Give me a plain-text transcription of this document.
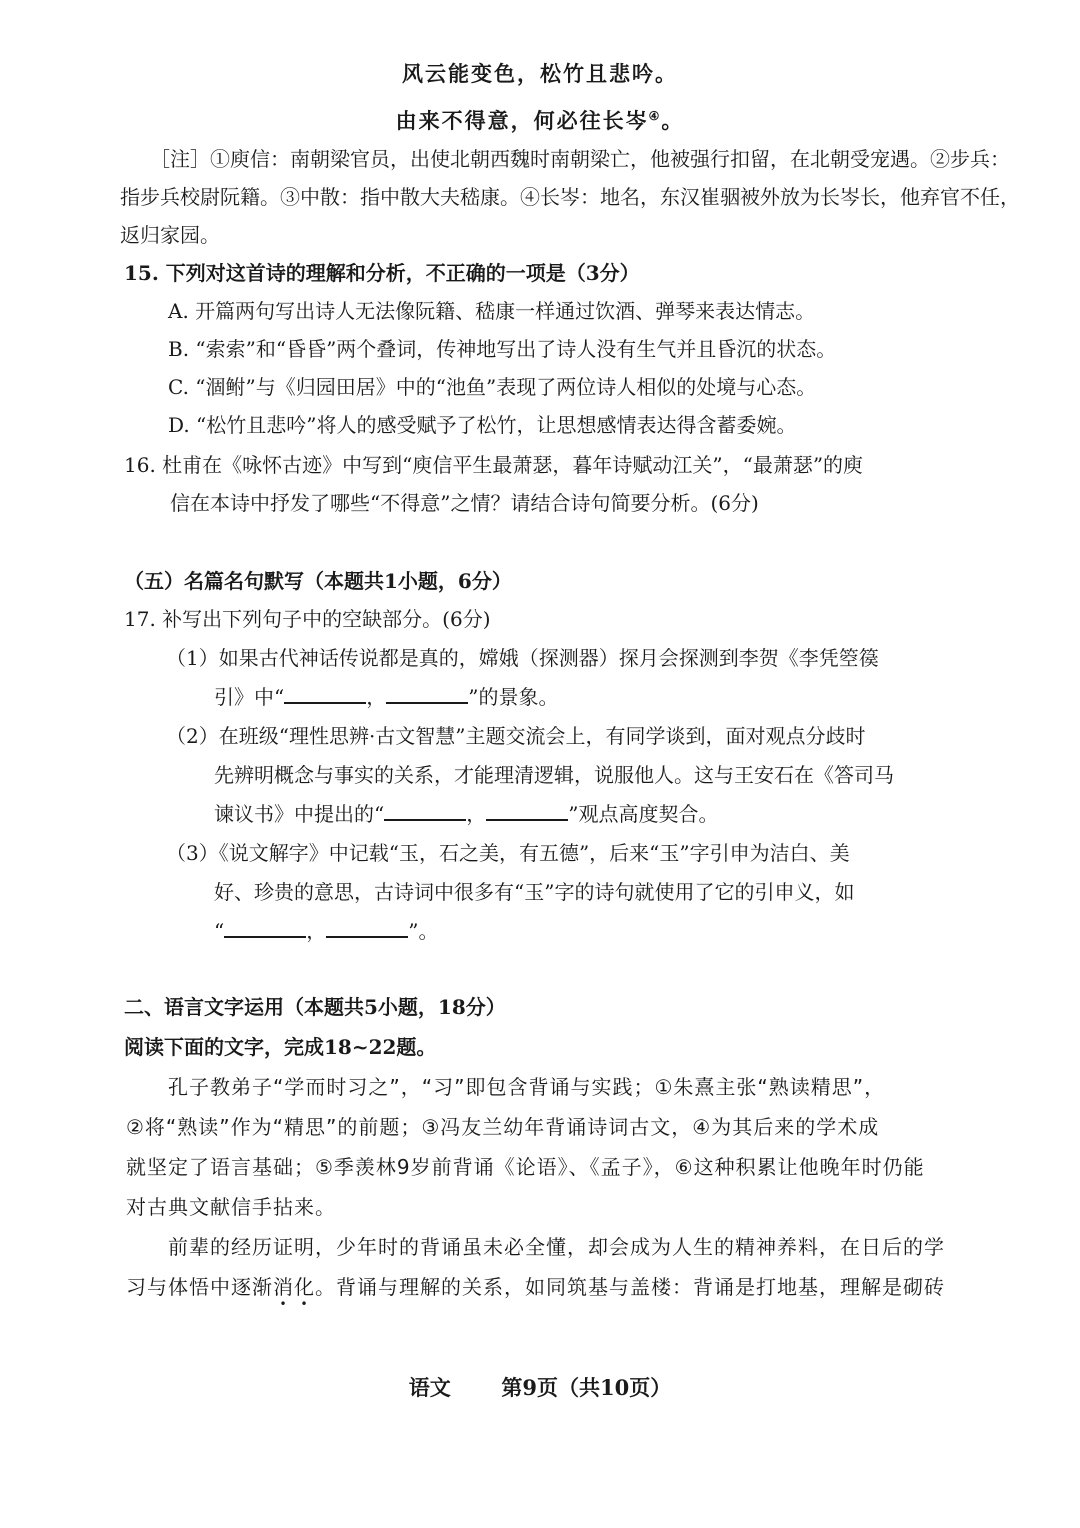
风云能变色，松竹且悲吟。
由来不得意，何必往长岑④。
［注］①庾信：南朝梁官员，出使北朝西魏时南朝梁亡，他被强行扣留，在北朝受宠遇。②步兵：
指步兵校尉阮籍。③中散：指中散大夫嵇康。④长岑：地名，东汉崔骃被外放为长岑长，他弃官不任，
返归家园。
15. 下列对这首诗的理解和分析，不正确的一项是（3分）
A. 开篇两句写出诗人无法像阮籍、嵇康一样通过饮酒、弹琴来表达情志。
B. “索索”和“昏昏”两个叠词，传神地写出了诗人没有生气并且昏沉的状态。
C. “涸鲋”与《归园田居》中的“池鱼”表现了两位诗人相似的处境与心态。
D. “松竹且悲吟”将人的感受赋予了松竹，让思想感情表达得含蓄委婉。
16. 杜甫在《咏怀古迹》中写到“庾信平生最萧瑟，暮年诗赋动江关”，“最萧瑟”的庾
信在本诗中抒发了哪些“不得意”之情？请结合诗句简要分析。(6分)
（五）名篇名句默写（本题共1小题，6分）
17. 补写出下列句子中的空缺部分。(6分)
（1）如果古代神话传说都是真的，嫦娥（探测器）探月会探测到李贺《李凭箜篌
引》中“	，	”的景象。
（2）在班级“理性思辨·古文智慧”主题交流会上，有同学谈到，面对观点分歧时
先辨明概念与事实的关系，才能理清逻辑，说服他人。这与王安石在《答司马
谏议书》中提出的“	，	”观点高度契合。
（3）《说文解字》中记载“玉，石之美，有五德”，后来“玉”字引申为洁白、美
好、珍贵的意思，古诗词中很多有“玉”字的诗句就使用了它的引申义，如
“	，	”。
二、语言文字运用（本题共5小题，18分）
阅读下面的文字，完成18~22题。
孔子教弟子“学而时习之”，“习”即包含背诵与实践；①朱熹主张“熟读精思”，
②将“熟读”作为“精思”的前题；③冯友兰幼年背诵诗词古文，④为其后来的学术成
就坚定了语言基础；⑤季羡林9岁前背诵《论语》、《孟子》，⑥这种积累让他晚年时仍能
对古典文献信手拈来。
前辈的经历证明，少年时的背诵虽未必全懂，却会成为人生的精神养料，在日后的学
习与体悟中逐渐消化。背诵与理解的关系，如同筑基与盖楼：背诵是打地基，理解是砌砖
语文 第9页（共10页）
